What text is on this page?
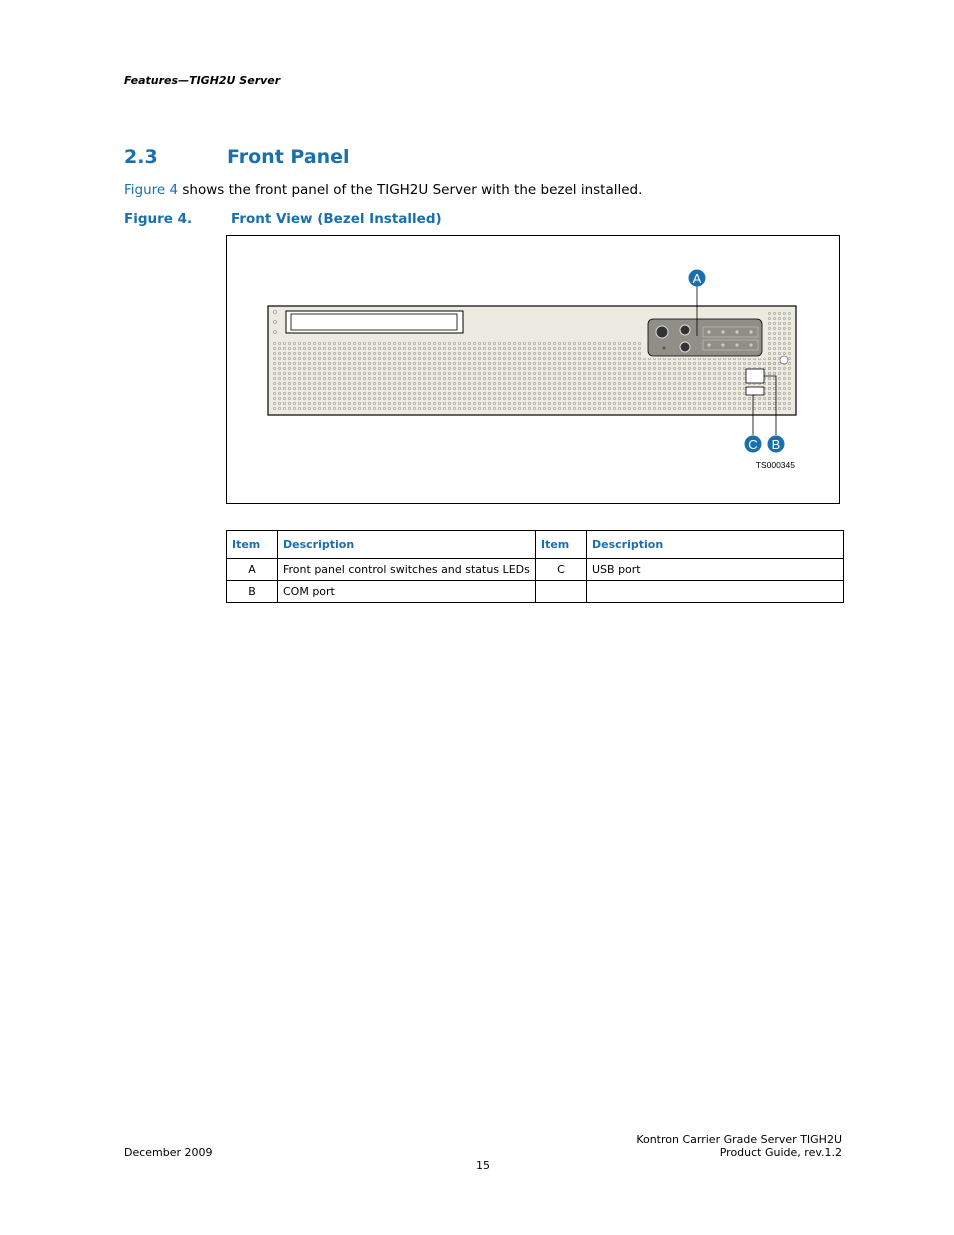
Features—TIGH2U Server
2.3	Front Panel
Figure 4 shows the front panel of the TIGH2U Server with the bezel installed.
Figure 4.	Front View (Bezel Installed)
A
B
C
TS000345
Item	Description	Item	Description
A	Front panel control switches and status LEDs	C	USB port
B	COM port		
December 2009
15
Kontron Carrier Grade Server TIGH2U
Product Guide, rev.1.2
